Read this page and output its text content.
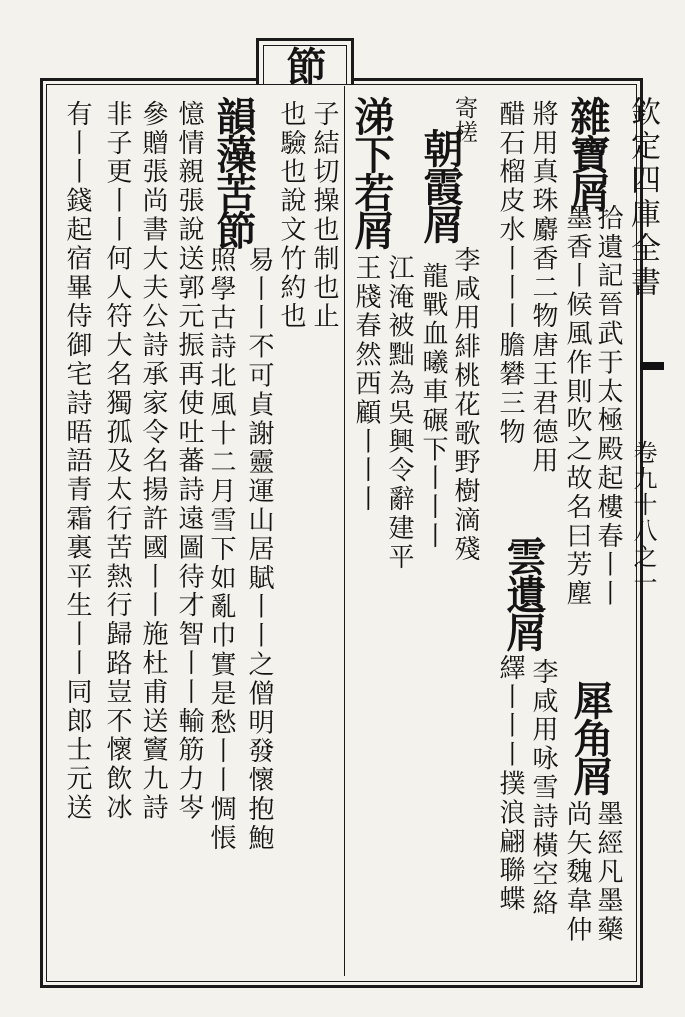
節
欽定四庫全書
卷九十八之一
雜寶屑
拾遺記晉武于太極殿起樓春丨丨
墨香丨候風作則吹之故名曰芳塵
犀角屑
墨經凡墨藥
將用真珠麝香二物唐王君德用
尚矢魏韋仲
醋石榴皮水丨丨丨膽礬三物
雲遺屑
李咸用咏雪詩橫空絡
寄槎
朝霞屑
李咸用緋桃花歌野樹滴殘
繹丨丨丨撲浪翩聯蝶
龍戰血曦車碾下丨丨丨
涕下若屑
江淹被黜為吳興令辭建平
王牋春然西顧丨丨丨
子結切操也制也止
也驗也說文竹約也
韻藻苦節
易丨丨不可貞謝靈運山居賦丨丨之僧明發懷抱鮑
照學古詩北風十二月雪下如亂巾實是愁丨丨惆悵
憶情親張說送郭元振再使吐蕃詩遠圖待才智丨丨輸筋力岑
參贈張尚書大夫公詩承家令名揚許國丨丨施杜甫送竇九詩
非子更丨丨何人符大名獨孤及太行苦熱行歸路豈不懷飲冰
有丨丨錢起宿畢侍御宅詩晤語青霜裏平生丨丨同郎士元送
